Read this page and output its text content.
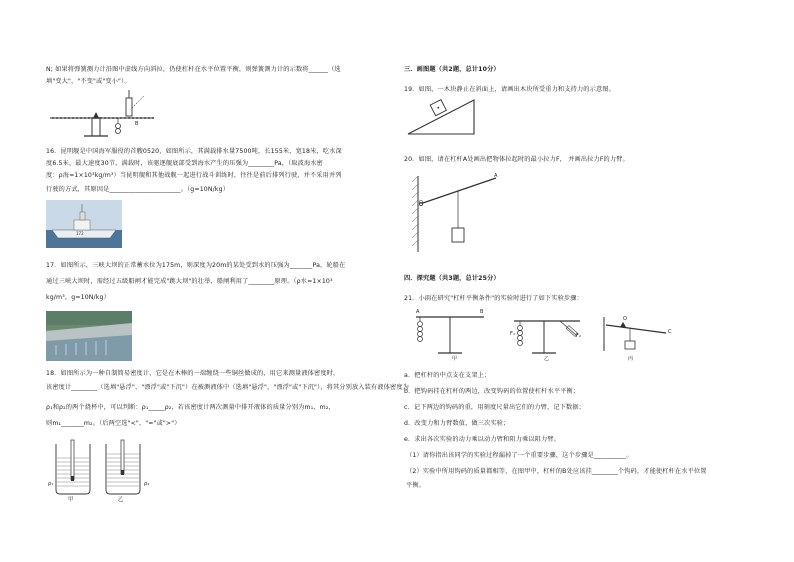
N; 如果将弹簧测力计沿图中虚线方向斜拉，仍使杠杆在水平位置平衡，则弹簧测力计的示数将______（选
填"变大"、"不变"或"变小"）。
B
16．昆明舰是中国海军服役的首艘0520，如图所示，其满载排水量7500吨，长155米，宽18米，吃水深
度6.5米，最大速度30节，满载时，该驱逐舰底部受到海水产生的压强为________Pa，（取波海水密
度：ρ海=1×10³kg/m³）当昆明舰和其他战舰一起进行战斗训练时，往往是前后排列行驶，并不采用并列
行驶的方式，其原因是______________________。（g=10N/kg）
172
17．如图所示，三峡大坝的正常蓄水位为175m，则深度为20m的某处受到水的压强为_______Pa，轮船在
通过三峡大坝时，需经过五级船闸才能完成"跳大坝"的壮举，船闸利用了________原理。（ρ水=1×10³
kg/m³，g=10N/kg）
18．如图所示为一种自制简易密度计，它是在木棒的一端缠绕一些铜丝做成的，用它来测量液体密度时，
该密度计________（选填"悬浮"、"漂浮"或"下沉"）在被测液体中（选填"悬浮"、"漂浮"或"下沉"），将其分别放入装有液体密度为
ρ₁和ρ₂的两个烧杯中，可以判断：ρ₁_____ρ₂，若该密度计两次测量中排开液体的质量分别为m₁、m₂，
则m₁_______m₂。（后两空选"<"、"="或">"）
ρ₁	ρ₂
甲	乙
三．画图题（共2题，总计10分）
19．如图，一木块静止在斜面上，请画出木块所受重力和支持力的示意图。
20．如图，请在杠杆A处画出把物体拉起时的最小拉力F， 并画出拉力F的力臂。
O
A
四．探究题（共3题，总计25分）
21．小雨在研究"杠杆平衡条件"的实验时进行了如下实验步骤：
A	B
F₁	F₂
O
C
甲	乙	丙
a．把杠杆的中点支在支架上；
b．把钩码挂在杠杆的两边，改变钩码的位置使杠杆水平平衡；
c．记下两边的钩码的重，用刻度尺量出它们的力臂，记下数据；
d．改变力和力臂数值，做三次实验；
e．求出各次实验的动力乘以动力臂和阻力乘以阻力臂。
（1）请你指出该同学的实验过程漏掉了一个重要步骤，这个步骤是__________。
（2）实验中所用钩码的质量都相等，在图甲中，杠杆的B处应该挂________个钩码，才能使杠杆在水平位置
平衡。
